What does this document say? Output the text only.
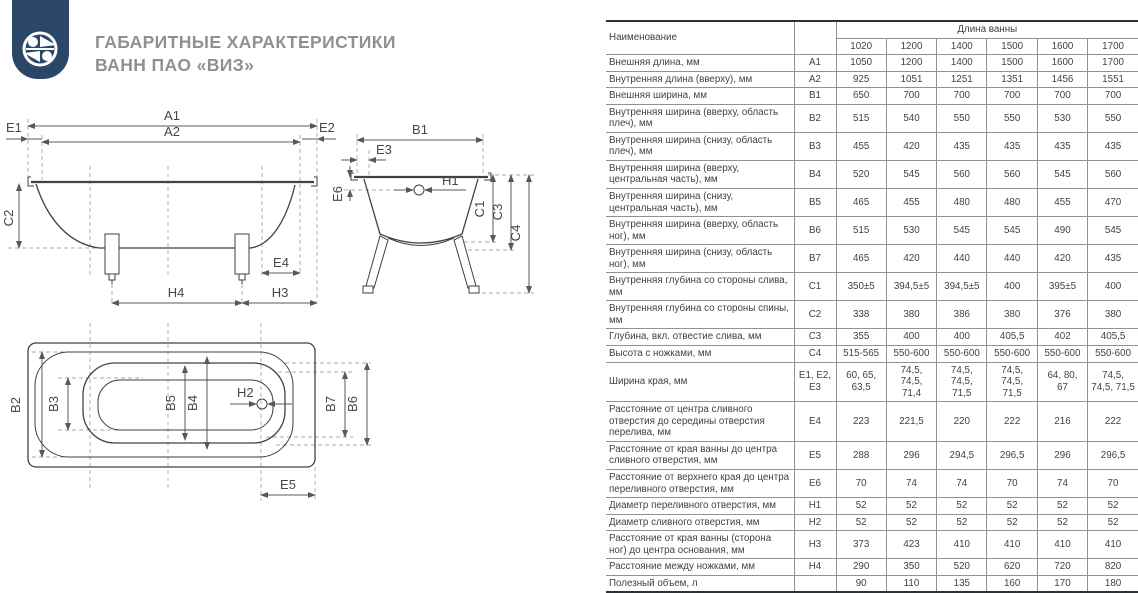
ГАБАРИТНЫЕ ХАРАКТЕРИСТИКИ
ВАНН ПАО «ВИЗ»
A1
E1	E2
A2
C2
E4
H4	H3
B1
E3
H1
E6
C1 C3
C4
H2
B2 B3	B5 B4	B7 B6
E5
Наименование		Длина ванны					
		1020	1200	1400	1500	1600	1700
Внешняя длина, мм	A1	1050	1200	1400	1500	1600	1700
Внутренняя длина (вверху), мм	A2	925	1051	1251	1351	1456	1551
Внешняя ширина, мм	B1	650	700	700	700	700	700
Внутренняя ширина (вверху, область плеч), мм	B2	515	540	550	550	530	550
Внутренняя ширина (снизу, область плеч), мм	B3	455	420	435	435	435	435
Внутренняя ширина (вверху, центральная часть), мм	B4	520	545	560	560	545	560
Внутренняя ширина (снизу, центральная часть), мм	B5	465	455	480	480	455	470
Внутренняя ширина (вверху, область ног), мм	B6	515	530	545	545	490	545
Внутренняя ширина (снизу, область ног), мм	B7	465	420	440	440	420	435
Внутренняя глубина со стороны слива, мм	C1	350±5	394,5±5	394,5±5	400	395±5	400
Внутренняя глубина со стороны спины, мм	C2	338	380	386	380	376	380
Глубина, вкл. отвестие слива, мм	C3	355	400	400	405,5	402	405,5
Высота с ножками, мм	C4	515-565	550-600	550-600	550-600	550-600	550-600
Ширина края, мм	E1, E2, E3	60, 65, 63,5	74,5, 74,5, 71,4	74,5, 74,5, 71,5	74,5, 74,5, 71,5	64, 80, 67	74,5, 74,5, 71,5
Расстояние от центра сливного отверстия до середины отверстия перелива, мм	E4	223	221,5	220	222	216	222
Расстояние от края ванны до центра сливного отверстия, мм	E5	288	296	294,5	296,5	296	296,5
Расстояние от верхнего края до центра переливного отверстия, мм	E6	70	74	74	70	74	70
Диаметр переливного отверстия, мм	H1	52	52	52	52	52	52
Диаметр сливного отверстия, мм	H2	52	52	52	52	52	52
Расстояние от края ванны (сторона ног) до центра основания, мм	H3	373	423	410	410	410	410
Расстояние между ножками, мм	H4	290	350	520	620	720	820
Полезный объем, л		90	110	135	160	170	180
